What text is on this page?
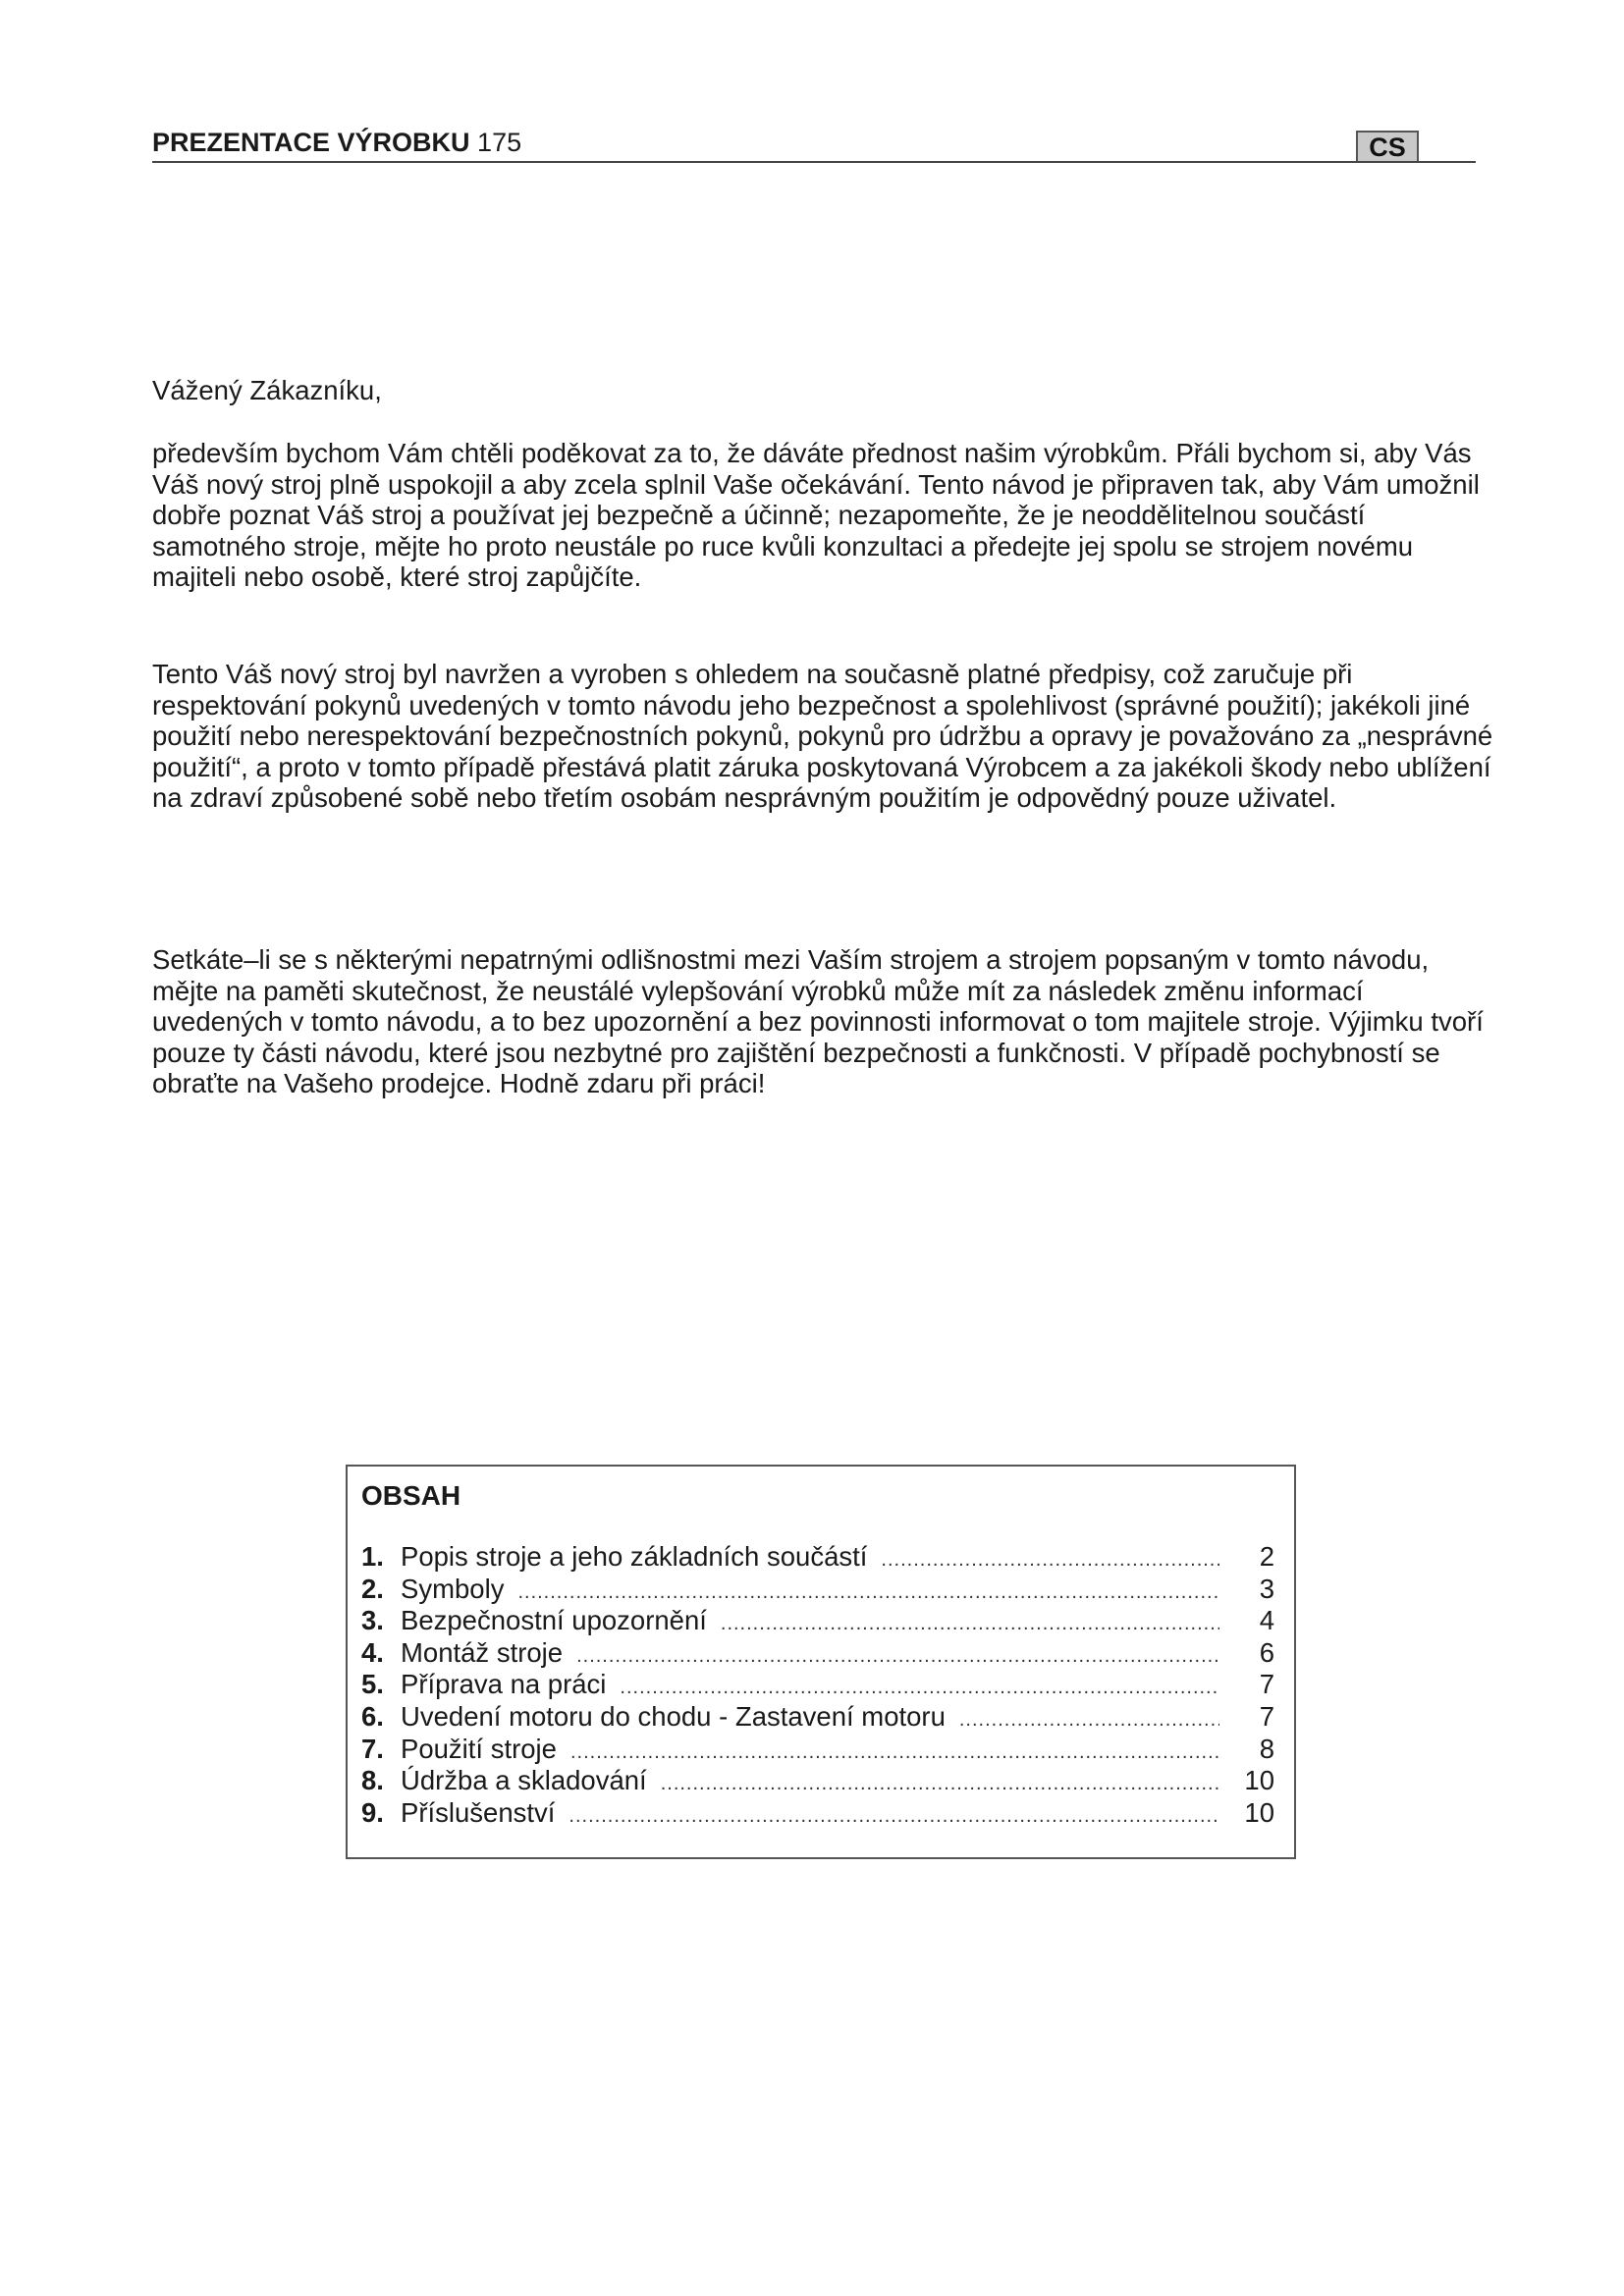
PREZENTACE VÝROBKU 175	CS
Vážený Zákazníku,
především bychom Vám chtěli poděkovat za to, že dáváte přednost našim výrobkům. Přáli bychom si, aby Vás Váš nový stroj plně uspokojil a aby zcela splnil Vaše očekávání. Tento návod je připraven tak, aby Vám umožnil dobře poznat Váš stroj a používat jej bezpečně a účinně; nezapomeňte, že je neoddělitelnou součástí samotného stroje, mějte ho proto neustále po ruce kvůli konzultaci a předejte jej spolu se strojem novému majiteli nebo osobě, které stroj zapůjčíte.
Tento Váš nový stroj byl navržen a vyroben s ohledem na současně platné předpisy, což zaručuje při respektování pokynů uvedených v tomto návodu jeho bezpečnost a spolehlivost (správné použití); jakékoli jiné použití nebo nerespektování bezpečnostních pokynů, pokynů pro údržbu a opravy je považováno za „nesprávné použití“, a proto v tomto případě přestává platit záruka poskytovaná Výrobcem a za jakékoli škody nebo ublížení na zdraví způsobené sobě nebo třetím osobám nesprávným použitím je odpovědný pouze uživatel.
Setkáte–li se s některými nepatrnými odlišnostmi mezi Vaším strojem a strojem popsaným v tomto návodu, mějte na paměti skutečnost, že neustálé vylepšování výrobků může mít za následek změnu informací uvedených v tomto návodu, a to bez upozornění a bez povinnosti informovat o tom majitele stroje. Výjimku tvoří pouze ty části návodu, které jsou nezbytné pro zajištění bezpečnosti a funkčnosti. V případě pochybností se obraťte na Vašeho prodejce. Hodně zdaru při práci!
OBSAH
1. Popis stroje a jeho základních součástí .....	2
2. Symboly .....	3
3. Bezpečnostní upozornění .....	4
4. Montáž stroje .....	6
5. Příprava na práci .....	7
6. Uvedení motoru do chodu - Zastavení motoru .....	7
7. Použití stroje .....	8
8. Údržba a skladování .....	10
9. Příslušenství .....	10
